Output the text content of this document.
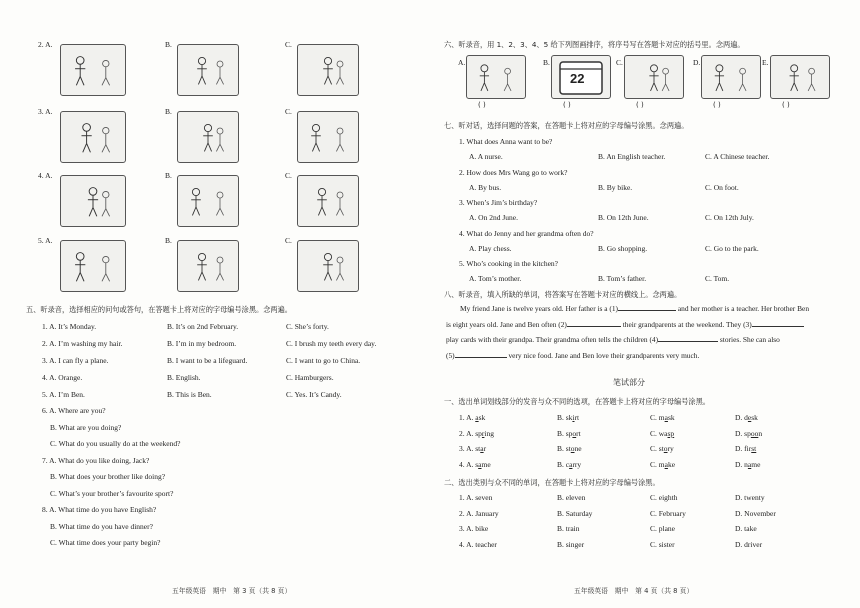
2. A.	B.	C.
3. A.	B.	C.
4. A.	B.	C.
5. A.	B.	C.
五、听录音，选择相应的问句或答句，在答题卡上将对应的字母编号涂黑。念两遍。
1. A. It’s Monday.	B. It’s on 2nd February.	C. She’s forty.
2. A. I’m washing my hair.	B. I’m in my bedroom.	C. I brush my teeth every day.
3. A. I can fly a plane.	B. I want to be a lifeguard.	C. I want to go to China.
4. A. Orange.	B. English.	C. Hamburgers.
5. A. I’m Ben.	B. This is Ben.	C. Yes. It’s Candy.
6. A. Where are you?
B. What are you doing?
C. What do you usually do at the weekend?
7. A. What do you like doing, Jack?
B. What does your brother like doing?
C. What’s your brother’s favourite sport?
8. A. What time do you have English?
B. What time do you have dinner?
C. What time does your party begin?
五年级英语　期中　第 3 页（共 8 页）
六、听录音，用 1、2、3、4、5 给下列图画排序，将序号写在答题卡对应的括号里。念两遍。
A.
( )
B.
22
( )
C.
( )
D.
( )
E.
( )
七、听对话，选择问题的答案，在答题卡上将对应的字母编号涂黑。念两遍。
1. What does Anna want to be?
A. A nurse.	B. An English teacher.	C. A Chinese teacher.
2. How does Mrs Wang go to work?
A. By bus.	B. By bike.	C. On foot.
3. When’s Jim’s birthday?
A. On 2nd June.	B. On 12th June.	C. On 12th July.
4. What do Jenny and her grandma often do?
A. Play chess.	B. Go shopping.	C. Go to the park.
5. Who’s cooking in the kitchen?
A. Tom’s mother.	B. Tom’s father.	C. Tom.
八、听录音，填入所缺的单词，将答案写在答题卡对应的横线上。念两遍。
My friend Jane is twelve years old. Her father is a (1)	and her mother is a teacher. Her brother Ben
is eight years old. Jane and Ben often (2)	their grandparents at the weekend. They (3)
play cards with their grandpa. Their grandma often tells the children (4)	stories. She can also
(5)	very nice food. Jane and Ben love their grandparents very much.
笔试部分
一、选出单词划线部分的发音与众不同的选项，在答题卡上将对应的字母编号涂黑。
1. A. ask	B. skirt	C. mask	D. desk
2. A. spring	B. sport	C. wasp	D. spoon
3. A. star	B. stone	C. story	D. first
4. A. same	B. carry	C. make	D. name
二、选出类别与众不同的单词，在答题卡上将对应的字母编号涂黑。
1. A. seven	B. eleven	C. eighth	D. twenty
2. A. January	B. Saturday	C. February	D. November
3. A. bike	B. train	C. plane	D. take
4. A. teacher	B. singer	C. sister	D. driver
五年级英语　期中　第 4 页（共 8 页）
